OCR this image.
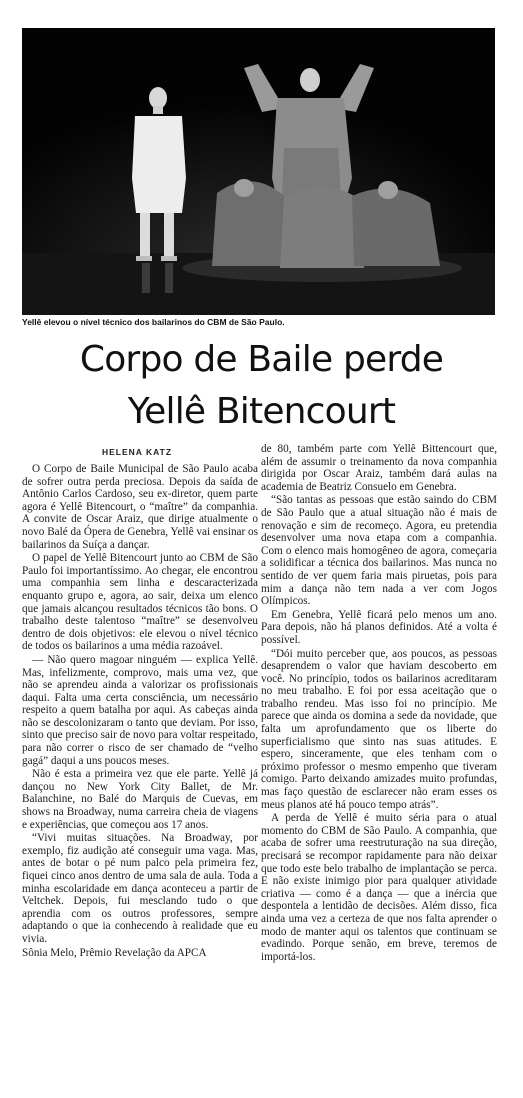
Yellê elevou o nível técnico dos bailarinos do CBM de São Paulo.
Corpo de Baile perde
Yellê Bitencourt
HELENA KATZ

O Corpo de Baile Municipal de São Paulo acaba de sofrer outra perda preciosa. Depois da saída de Antônio Carlos Cardoso, seu ex-diretor, quem parte agora é Yellê Bitencourt, o “maître” da companhia. A convite de Oscar Araiz, que dirige atualmente o novo Balé da Ópera de Genebra, Yellê vai ensinar os bailarinos da Suíça a dançar.

O papel de Yellê Bitencourt junto ao CBM de São Paulo foi importantíssimo. Ao chegar, ele encontrou uma companhia sem linha e descaracterizada enquanto grupo e, agora, ao sair, deixa um elenco que jamais alcançou resultados técnicos tão bons. O trabalho deste talentoso “maître” se desenvolveu dentro de dois objetivos: ele elevou o nível técnico de todos os bailarinos a uma média razoável.

— Não quero magoar ninguém — explica Yellê. Mas, infelizmente, comprovo, mais uma vez, que não se aprendeu ainda a valorizar os profissionais daqui. Falta uma certa consciência, um necessário respeito a quem batalha por aqui. As cabeças ainda não se descolonizaram o tanto que deviam. Por isso, sinto que preciso sair de novo para voltar respeitado, para não correr o risco de ser chamado de “velho gagá” daqui a uns poucos meses.

Não é esta a primeira vez que ele parte. Yellê já dançou no New York City Ballet, de Mr. Balanchine, no Balé do Marquis de Cuevas, em shows na Broadway, numa carreira cheia de viagens e experiências, que começou aos 17 anos.

“Vivi muitas situações. Na Broadway, por exemplo, fiz audição até conseguir uma vaga. Mas, antes de botar o pé num palco pela primeira fez, fiquei cinco anos dentro de uma sala de aula. Toda a minha escolaridade em dança aconteceu a partir de Veltchek. Depois, fui mesclando tudo o que aprendia com os outros professores, sempre adaptando o que ia conhecendo à realidade que eu vivia.

Sônia Melo, Prêmio Revelação da APCA

de 80, também parte com Yellê Bittencourt que, além de assumir o treinamento da nova companhia dirigida por Oscar Araiz, também dará aulas na academia de Beatriz Consuelo em Genebra.

“São tantas as pessoas que estão saindo do CBM de São Paulo que a atual situação não é mais de renovação e sim de recomeço. Agora, eu pretendia desenvolver uma nova etapa com a companhia. Com o elenco mais homogêneo de agora, começaria a solidificar a técnica dos bailarinos. Mas nunca no sentido de ver quem faria mais piruetas, pois para mim a dança não tem nada a ver com Jogos Olímpicos.

Em Genebra, Yellê ficará pelo menos um ano. Para depois, não há planos definidos. Até a volta é possível.

“Dói muito perceber que, aos poucos, as pessoas desaprendem o valor que haviam descoberto em você. No princípio, todos os bailarinos acreditaram no meu trabalho. E foi por essa aceitação que o trabalho rendeu. Mas isso foi no princípio. Me parece que ainda os domina a sede da novidade, que falta um aprofundamento que os liberte do superficialismo que sinto nas suas atitudes. E espero, sinceramente, que eles tenham com o próximo professor o mesmo empenho que tiveram comigo. Parto deixando amizades muito profundas, mas faço questão de esclarecer não eram esses os meus planos até há pouco tempo atrás”.

A perda de Yellê é muito séria para o atual momento do CBM de São Paulo. A companhia, que acaba de sofrer uma reestruturação na sua direção, precisará se recompor rapidamente para não deixar que todo este belo trabalho de implantação se perca. E não existe inimigo pior para qualquer atividade criativa — como é a dança — que a inércia que despontela a lentidão de decisões. Além disso, fica ainda uma vez a certeza de que nos falta aprender o modo de manter aqui os talentos que continuam se evadindo. Porque senão, em breve, teremos de importá-los.
